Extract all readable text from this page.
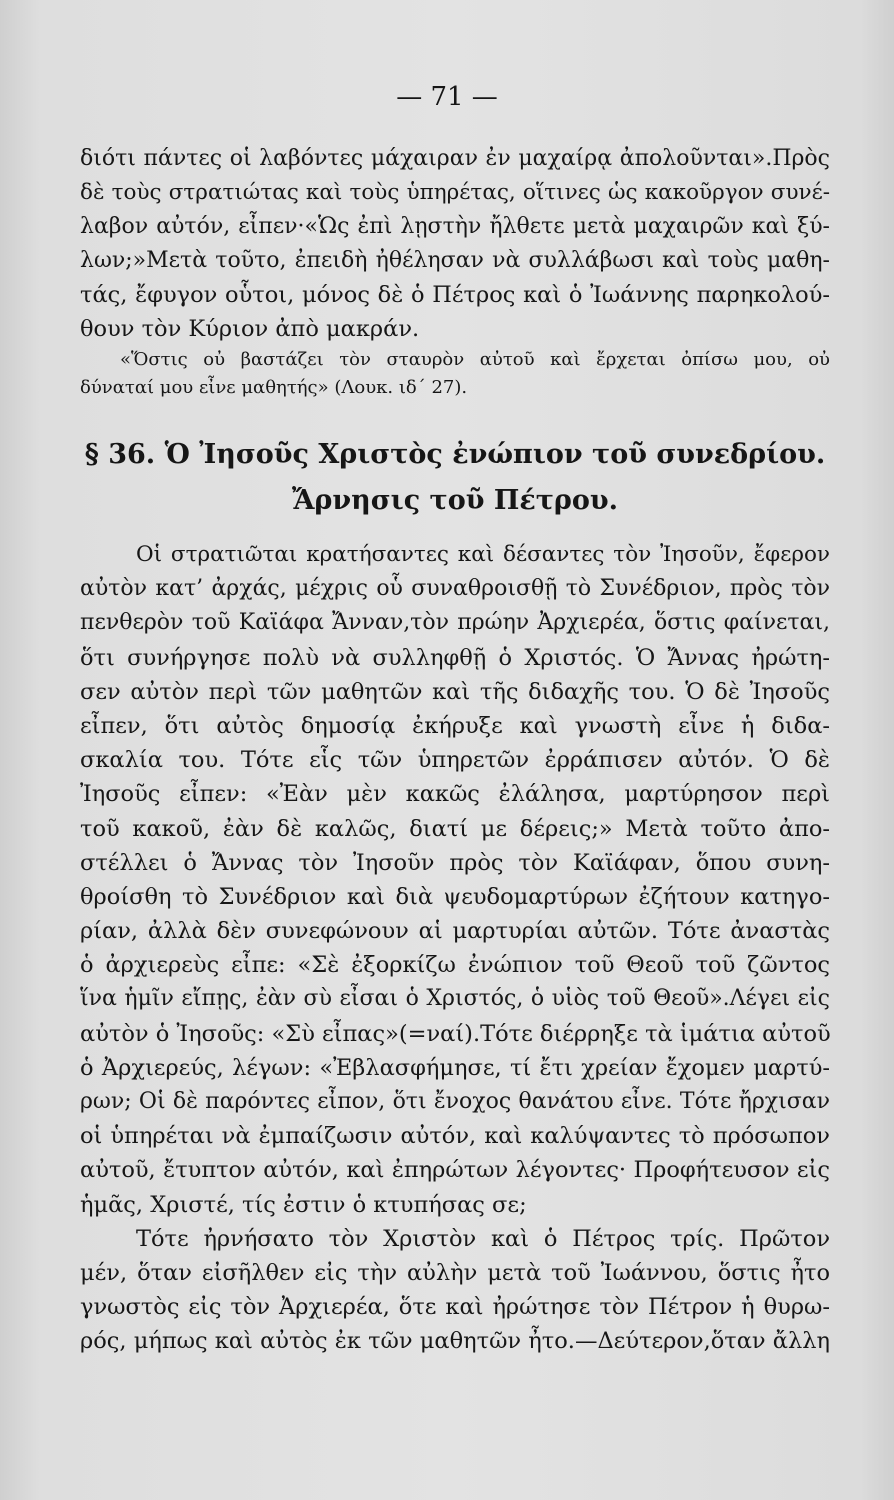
— 71 —
διότι πάντες οἱ λαβόντες μάχαιραν ἐν μαχαίρᾳ ἀπολοῦνται».Πρὸς
δὲ τοὺς στρατιώτας καὶ τοὺς ὑπηρέτας, οἵτινες ὡς κακοῦργον συνέ-
λαβον αὐτόν, εἶπεν·«Ὡς ἐπὶ λῃστὴν ἤλθετε μετὰ μαχαιρῶν καὶ ξύ-
λων;»Μετὰ τοῦτο, ἐπειδὴ ἠθέλησαν νὰ συλλάβωσι καὶ τοὺς μαθη-
τάς, ἔφυγον οὗτοι, μόνος δὲ ὁ Πέτρος καὶ ὁ Ἰωάννης παρηκολού-
θουν τὸν Κύριον ἀπὸ μακράν.
«Ὅστις οὐ βαστάζει τὸν σταυρὸν αὐτοῦ καὶ ἔρχεται ὀπίσω μου, οὐ
δύναταί μου εἶνε μαθητής» (Λουκ. ιδ΄ 27).
§ 36. Ὁ Ἰησοῦς Χριστὸς ἐνώπιον τοῦ συνεδρίου.
Ἄρνησις τοῦ Πέτρου.
Οἱ στρατιῶται κρατήσαντες καὶ δέσαντες τὸν Ἰησοῦν, ἔφερον
αὐτὸν κατ’ ἀρχάς, μέχρις οὗ συναθροισθῇ τὸ Συνέδριον, πρὸς τὸν
πενθερὸν τοῦ Καϊάφα Ἄνναν,τὸν πρώην Ἀρχιερέα, ὅστις φαίνεται,
ὅτι συνήργησε πολὺ νὰ συλληφθῇ ὁ Χριστός. Ὁ Ἄννας ἠρώτη-
σεν αὐτὸν περὶ τῶν μαθητῶν καὶ τῆς διδαχῆς του. Ὁ δὲ Ἰησοῦς
εἶπεν, ὅτι αὐτὸς δημοσίᾳ ἐκήρυξε καὶ γνωστὴ εἶνε ἡ διδα-
σκαλία του. Τότε εἷς τῶν ὑπηρετῶν ἐρράπισεν αὐτόν. Ὁ δὲ
Ἰησοῦς εἶπεν: «Ἐὰν μὲν κακῶς ἐλάλησα, μαρτύρησον περὶ
τοῦ κακοῦ, ἐὰν δὲ καλῶς, διατί με δέρεις;» Μετὰ τοῦτο ἀπο-
στέλλει ὁ Ἄννας τὸν Ἰησοῦν πρὸς τὸν Καϊάφαν, ὅπου συνη-
θροίσθη τὸ Συνέδριον καὶ διὰ ψευδομαρτύρων ἐζήτουν κατηγο-
ρίαν, ἀλλὰ δὲν συνεφώνουν αἱ μαρτυρίαι αὐτῶν. Τότε ἀναστὰς
ὁ ἀρχιερεὺς εἶπε: «Σὲ ἐξορκίζω ἐνώπιον τοῦ Θεοῦ τοῦ ζῶντος
ἵνα ἡμῖν εἴπῃς, ἐὰν σὺ εἶσαι ὁ Χριστός, ὁ υἱὸς τοῦ Θεοῦ».Λέγει εἰς
αὐτὸν ὁ Ἰησοῦς: «Σὺ εἶπας»(=ναί).Τότε διέρρηξε τὰ ἱμάτια αὐτοῦ
ὁ Ἀρχιερεύς, λέγων: «Ἐβλασφήμησε, τί ἔτι χρείαν ἔχομεν μαρτύ-
ρων; Οἱ δὲ παρόντες εἶπον, ὅτι ἔνοχος θανάτου εἶνε. Τότε ἤρχισαν
οἱ ὑπηρέται νὰ ἐμπαίζωσιν αὐτόν, καὶ καλύψαντες τὸ πρόσωπον
αὐτοῦ, ἔτυπτον αὐτόν, καὶ ἐπηρώτων λέγοντες· Προφήτευσον εἰς
ἡμᾶς, Χριστέ, τίς ἐστιν ὁ κτυπήσας σε;
Τότε ἠρνήσατο τὸν Χριστὸν καὶ ὁ Πέτρος τρίς. Πρῶτον
μέν, ὅταν εἰσῆλθεν εἰς τὴν αὐλὴν μετὰ τοῦ Ἰωάννου, ὅστις ἦτο
γνωστὸς εἰς τὸν Ἀρχιερέα, ὅτε καὶ ἠρώτησε τὸν Πέτρον ἡ θυρω-
ρός, μήπως καὶ αὐτὸς ἐκ τῶν μαθητῶν ἦτο.—Δεύτερον,ὅταν ἄλλη
